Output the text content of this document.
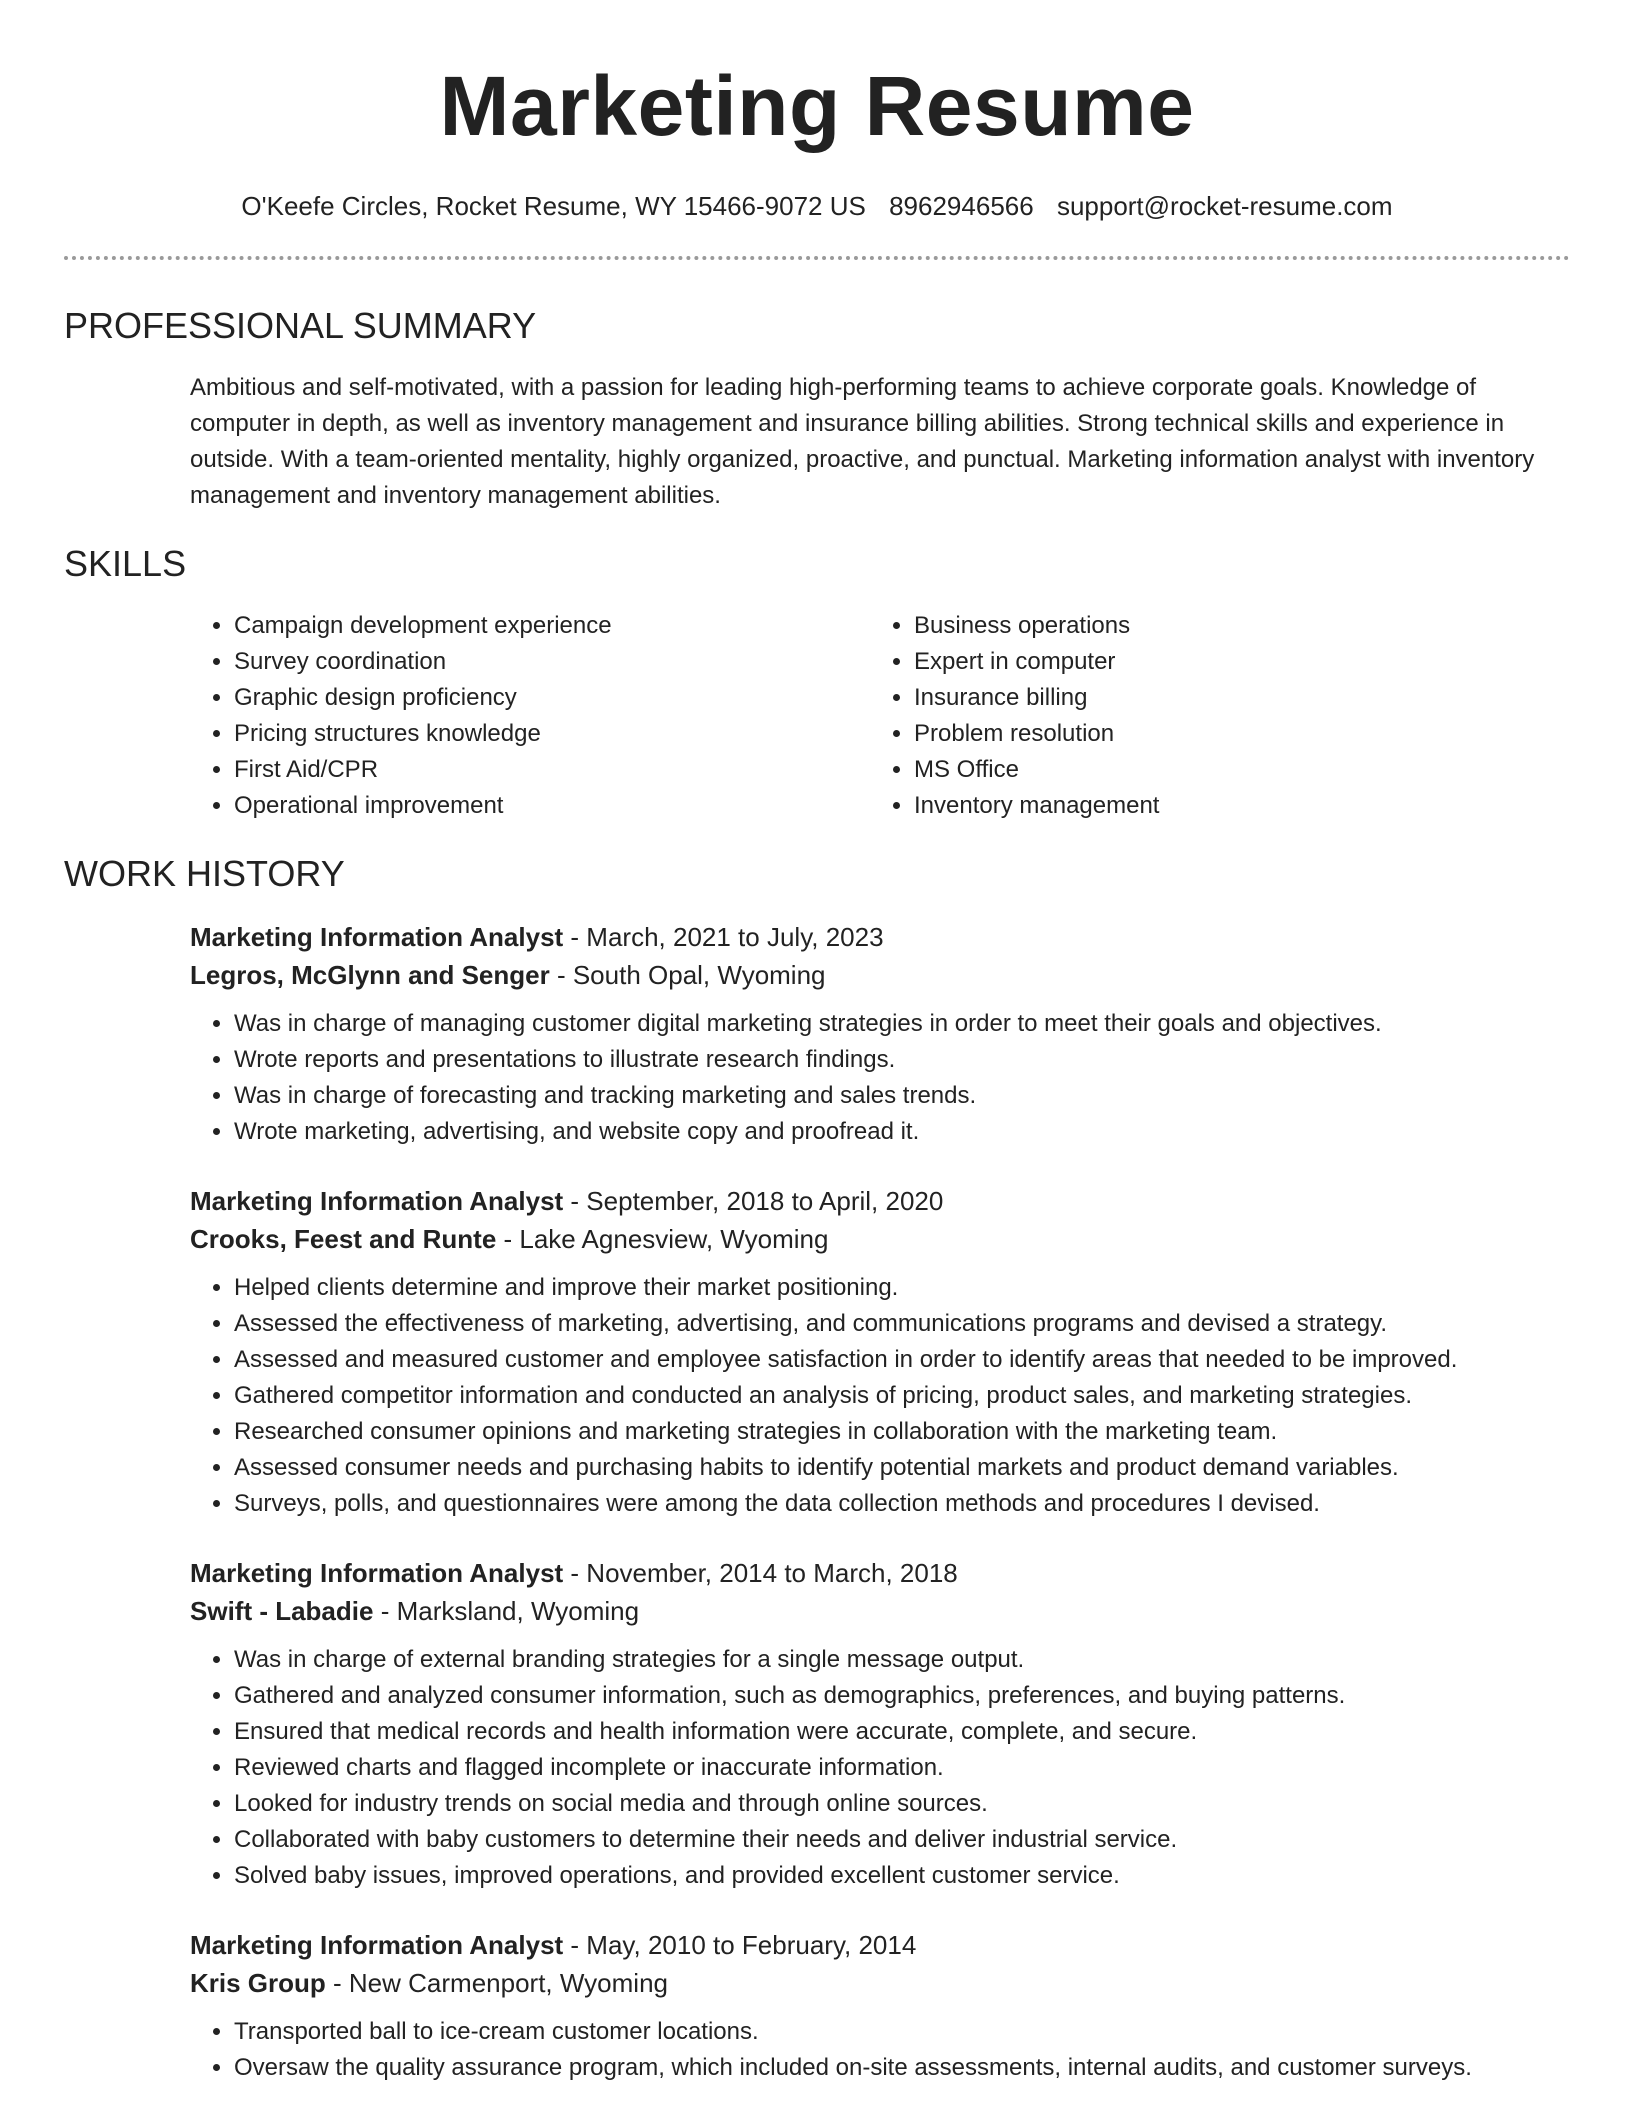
Marketing Resume
O'Keefe Circles, Rocket Resume, WY 15466-9072 US 8962946566 support@rocket-resume.com
PROFESSIONAL SUMMARY
Ambitious and self-motivated, with a passion for leading high-performing teams to achieve corporate goals. Knowledge of computer in depth, as well as inventory management and insurance billing abilities. Strong technical skills and experience in outside. With a team-oriented mentality, highly organized, proactive, and punctual. Marketing information analyst with inventory management and inventory management abilities.
SKILLS
• Campaign development experience
• Survey coordination
• Graphic design proficiency
• Pricing structures knowledge
• First Aid/CPR
• Operational improvement
• Business operations
• Expert in computer
• Insurance billing
• Problem resolution
• MS Office
• Inventory management
WORK HISTORY
Marketing Information Analyst - March, 2021 to July, 2023
Legros, McGlynn and Senger - South Opal, Wyoming
• Was in charge of managing customer digital marketing strategies in order to meet their goals and objectives.
• Wrote reports and presentations to illustrate research findings.
• Was in charge of forecasting and tracking marketing and sales trends.
• Wrote marketing, advertising, and website copy and proofread it.
Marketing Information Analyst - September, 2018 to April, 2020
Crooks, Feest and Runte - Lake Agnesview, Wyoming
• Helped clients determine and improve their market positioning.
• Assessed the effectiveness of marketing, advertising, and communications programs and devised a strategy.
• Assessed and measured customer and employee satisfaction in order to identify areas that needed to be improved.
• Gathered competitor information and conducted an analysis of pricing, product sales, and marketing strategies.
• Researched consumer opinions and marketing strategies in collaboration with the marketing team.
• Assessed consumer needs and purchasing habits to identify potential markets and product demand variables.
• Surveys, polls, and questionnaires were among the data collection methods and procedures I devised.
Marketing Information Analyst - November, 2014 to March, 2018
Swift - Labadie - Marksland, Wyoming
• Was in charge of external branding strategies for a single message output.
• Gathered and analyzed consumer information, such as demographics, preferences, and buying patterns.
• Ensured that medical records and health information were accurate, complete, and secure.
• Reviewed charts and flagged incomplete or inaccurate information.
• Looked for industry trends on social media and through online sources.
• Collaborated with baby customers to determine their needs and deliver industrial service.
• Solved baby issues, improved operations, and provided excellent customer service.
Marketing Information Analyst - May, 2010 to February, 2014
Kris Group - New Carmenport, Wyoming
• Transported ball to ice-cream customer locations.
• Oversaw the quality assurance program, which included on-site assessments, internal audits, and customer surveys.
